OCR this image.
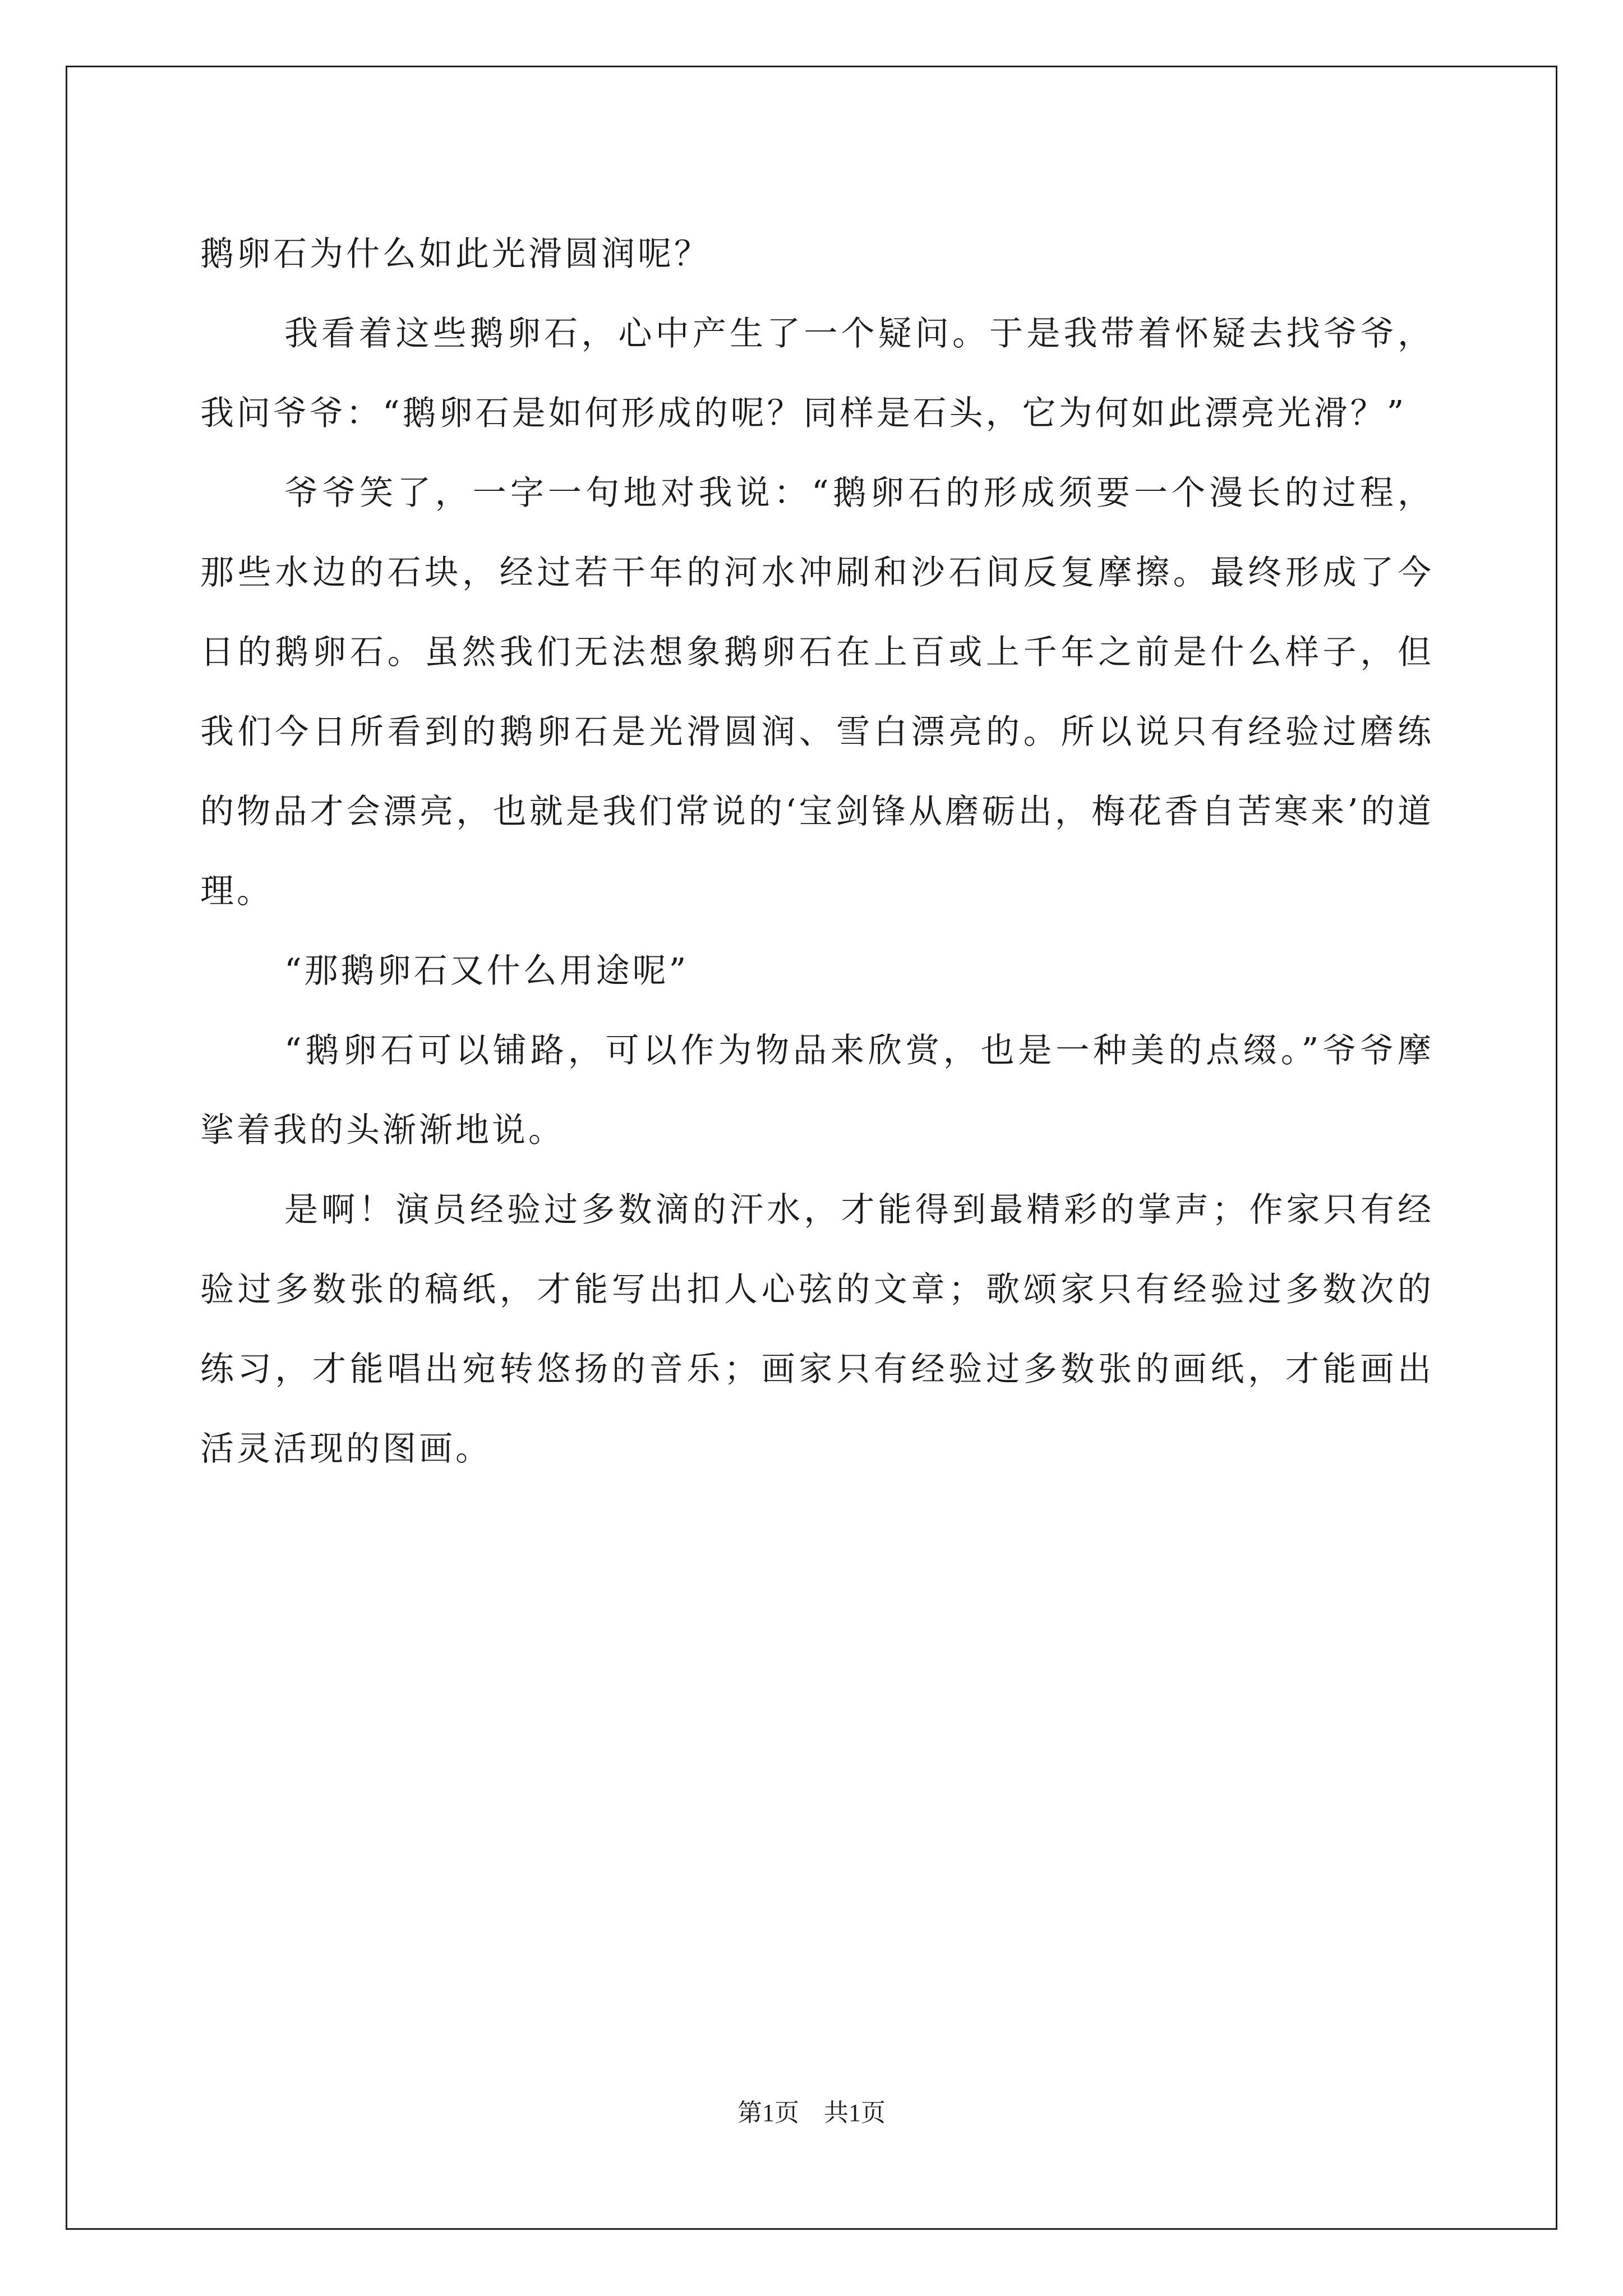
鹅卵石为什么如此光滑圆润呢？

我看着这些鹅卵石，心中产生了一个疑问。于是我带着怀疑去找爷爷，我问爷爷：“鹅卵石是如何形成的呢？同样是石头，它为何如此漂亮光滑？”

爷爷笑了，一字一句地对我说：“鹅卵石的形成须要一个漫长的过程，那些水边的石块，经过若干年的河水冲刷和沙石间反复摩擦。最终形成了今日的鹅卵石。虽然我们无法想象鹅卵石在上百或上千年之前是什么样子，但我们今日所看到的鹅卵石是光滑圆润、雪白漂亮的。所以说只有经验过磨练的物品才会漂亮，也就是我们常说的‘宝剑锋从磨砺出，梅花香自苦寒来’的道理。

“那鹅卵石又什么用途呢”

“鹅卵石可以铺路，可以作为物品来欣赏，也是一种美的点缀。”爷爷摩挲着我的头渐渐地说。

是啊！演员经验过多数滴的汗水，才能得到最精彩的掌声；作家只有经验过多数张的稿纸，才能写出扣人心弦的文章；歌颂家只有经验过多数次的练习，才能唱出宛转悠扬的音乐；画家只有经验过多数张的画纸，才能画出活灵活现的图画。

第1页 共1页
